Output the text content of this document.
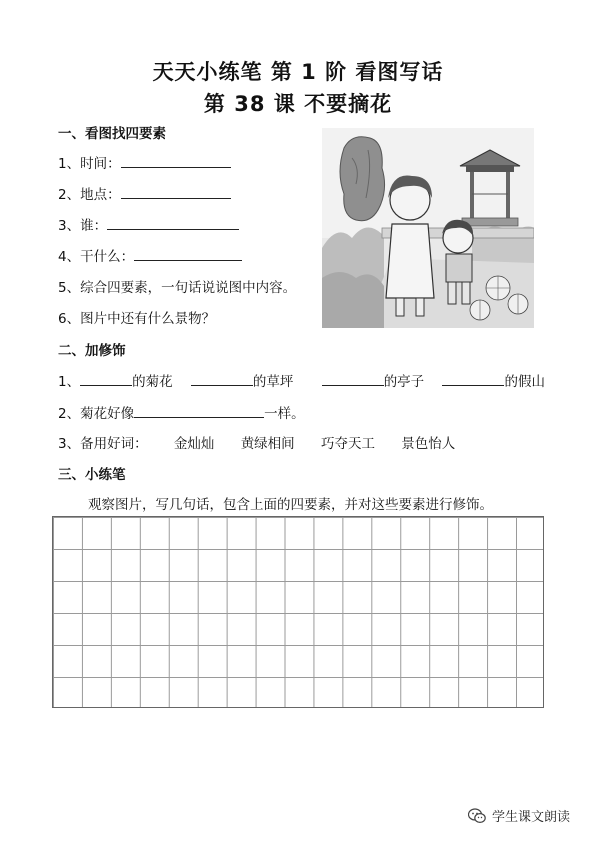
天天小练笔 第 1 阶 看图写话
第 38 课 不要摘花
一、看图找四要素
1、时间：
2、地点：
3、谁：
4、干什么：
5、综合四要素，一句话说说图中内容。
6、图片中还有什么景物？
二、加修饰
1、	的菊花	的草坪	的亭子	的假山
2、菊花好像	一样。
3、备用好词： 金灿灿 黄绿相间 巧夺天工 景色怡人
三、小练笔
观察图片，写几句话，包含上面的四要素，并对这些要素进行修饰。
学生课文朗读
